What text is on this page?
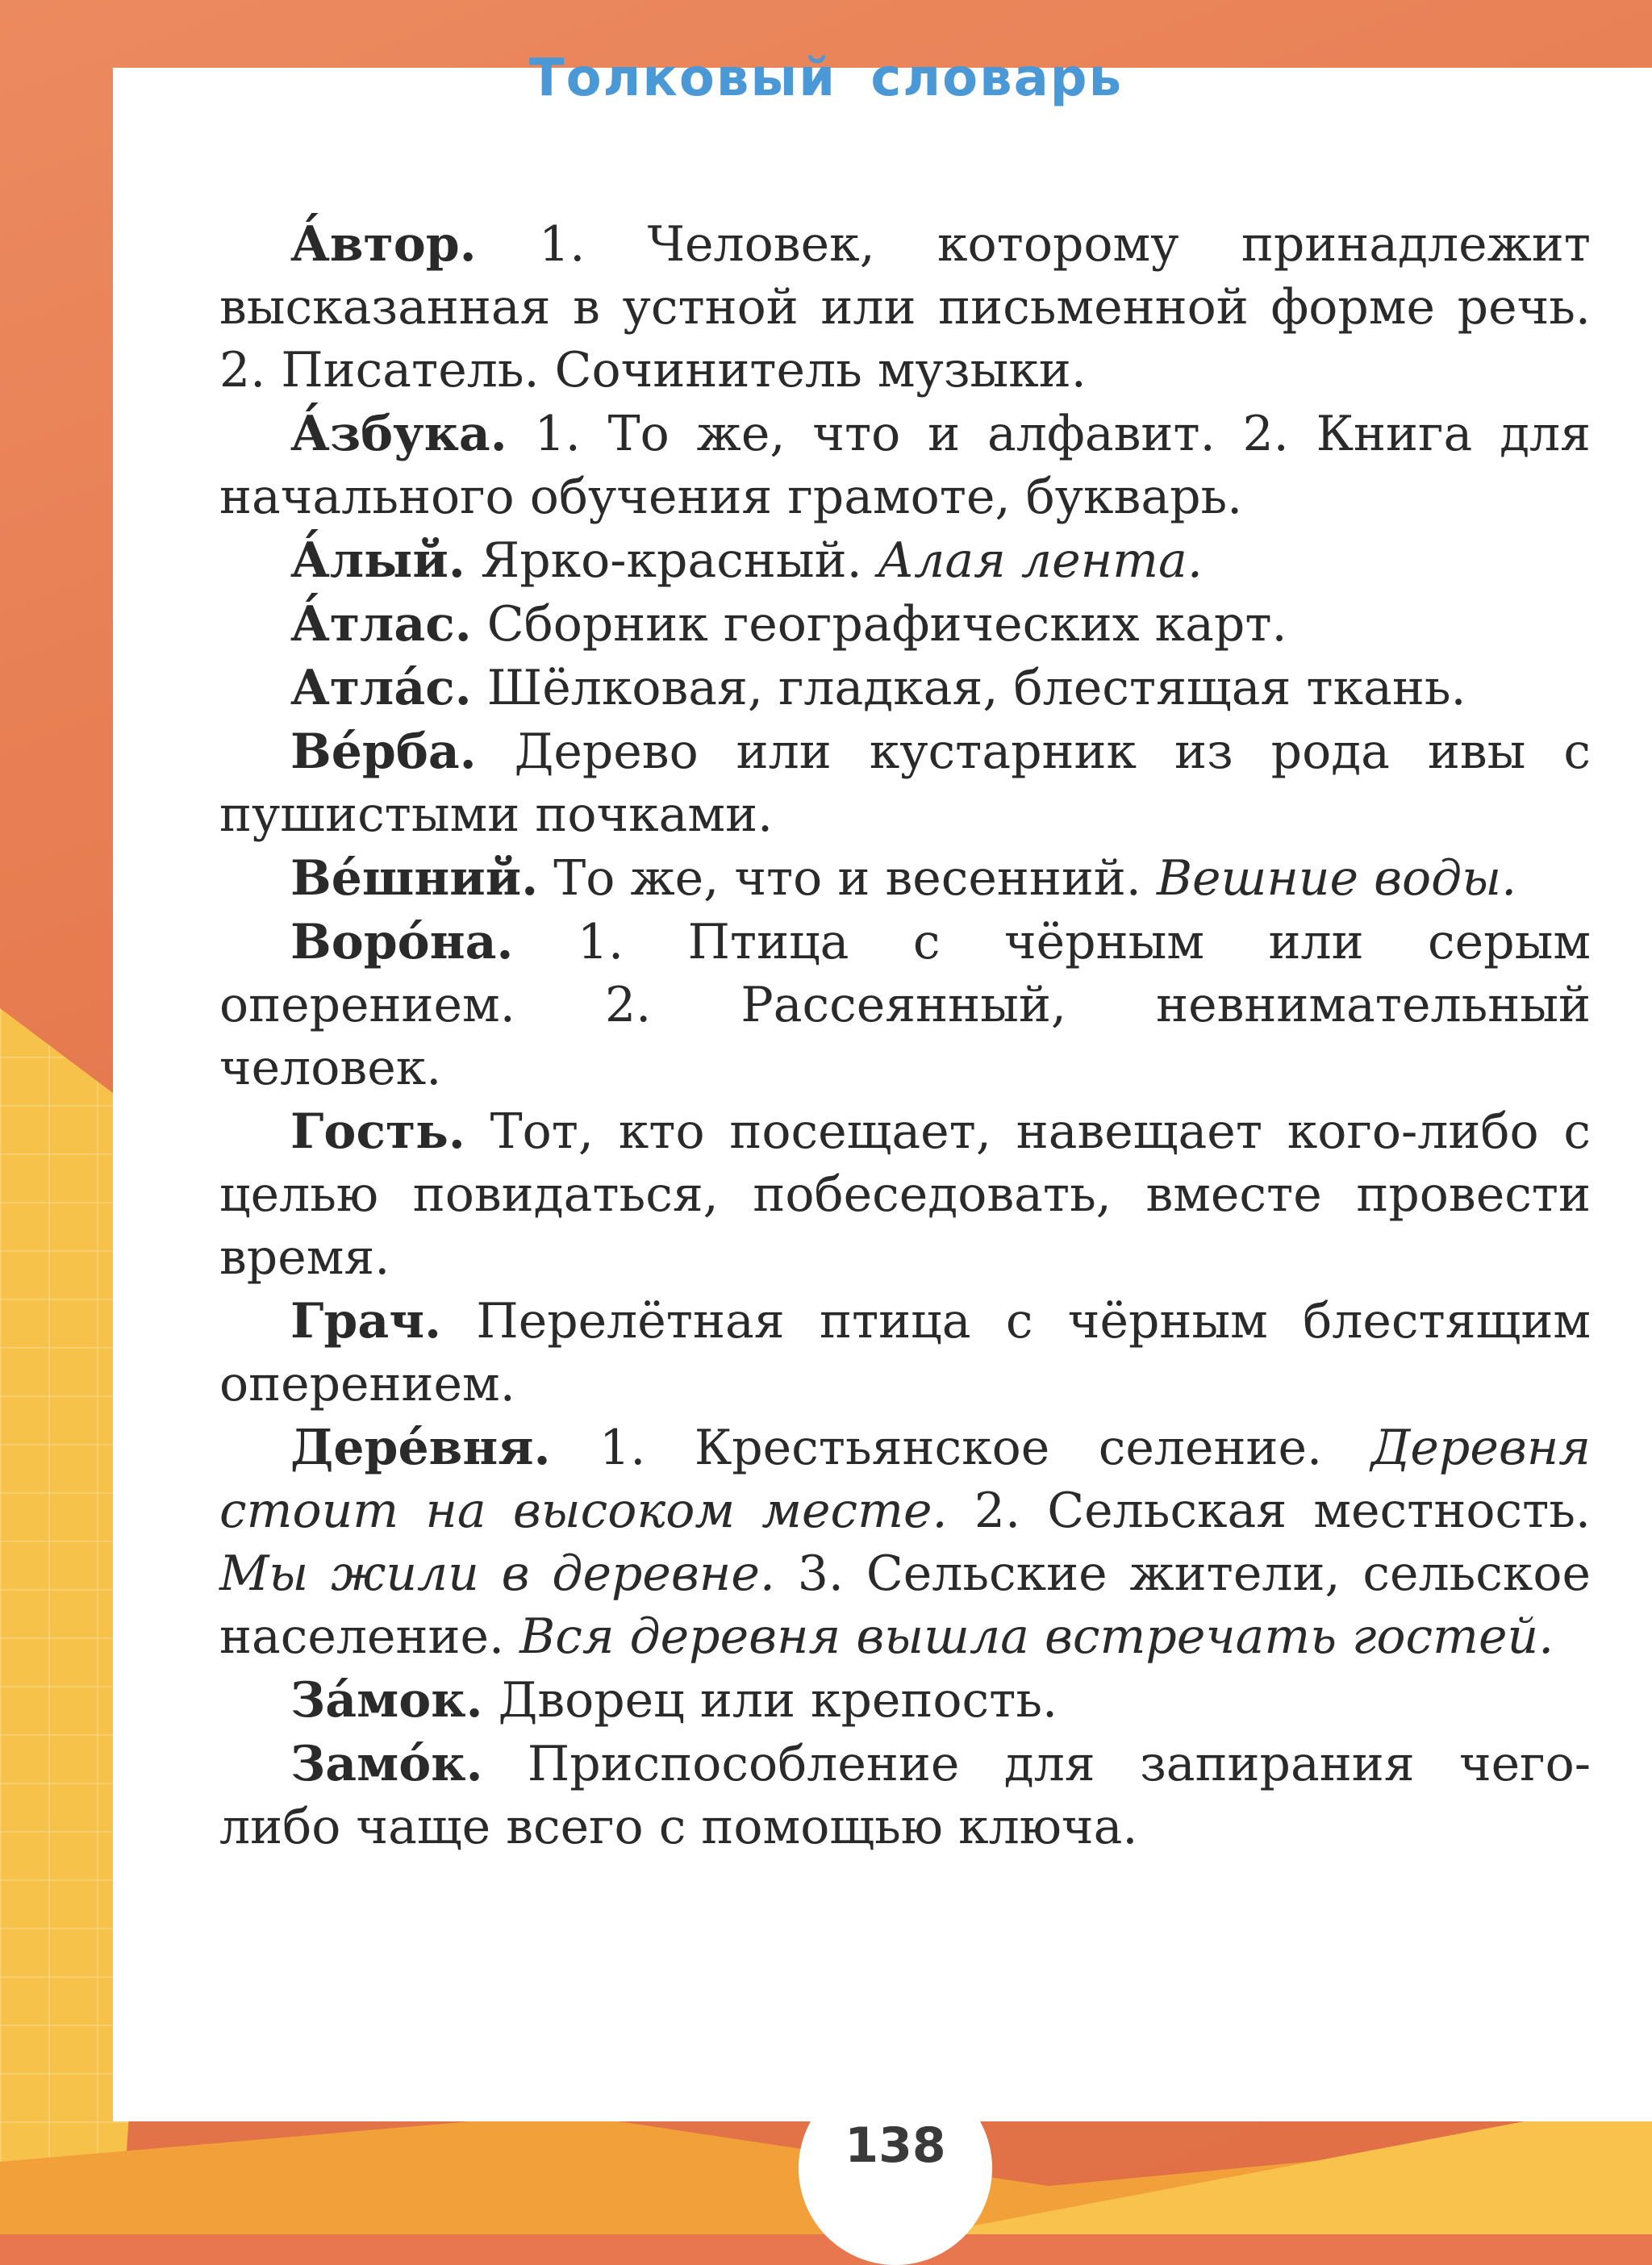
Толковый словарь

А́втор. 1. Человек, которому принадлежит высказанная в устной или письменной форме речь. 2. Писатель. Сочинитель музыки.

А́збука. 1. То же, что и алфавит. 2. Книга для начального обучения грамоте, букварь.

А́лый. Ярко-красный. Алая лента.

А́тлас. Сборник географических карт.

Атла́с. Шёлковая, гладкая, блестящая ткань.

Ве́рба. Дерево или кустарник из рода ивы с пушистыми почками.

Ве́шний. То же, что и весенний. Вешние воды.

Воро́на. 1. Птица с чёрным или серым оперением. 2. Рассеянный, невнимательный человек.

Гость. Тот, кто посещает, навещает кого-либо с целью повидаться, побеседовать, вместе провести время.

Грач. Перелётная птица с чёрным блестящим оперением.

Дере́вня. 1. Крестьянское селение. Деревня стоит на высоком месте. 2. Сельская местность. Мы жили в деревне. 3. Сельские жители, сельское население. Вся деревня вышла встречать гостей.

За́мок. Дворец или крепость.

Замо́к. Приспособление для запирания чего-либо чаще всего с помощью ключа.

138
